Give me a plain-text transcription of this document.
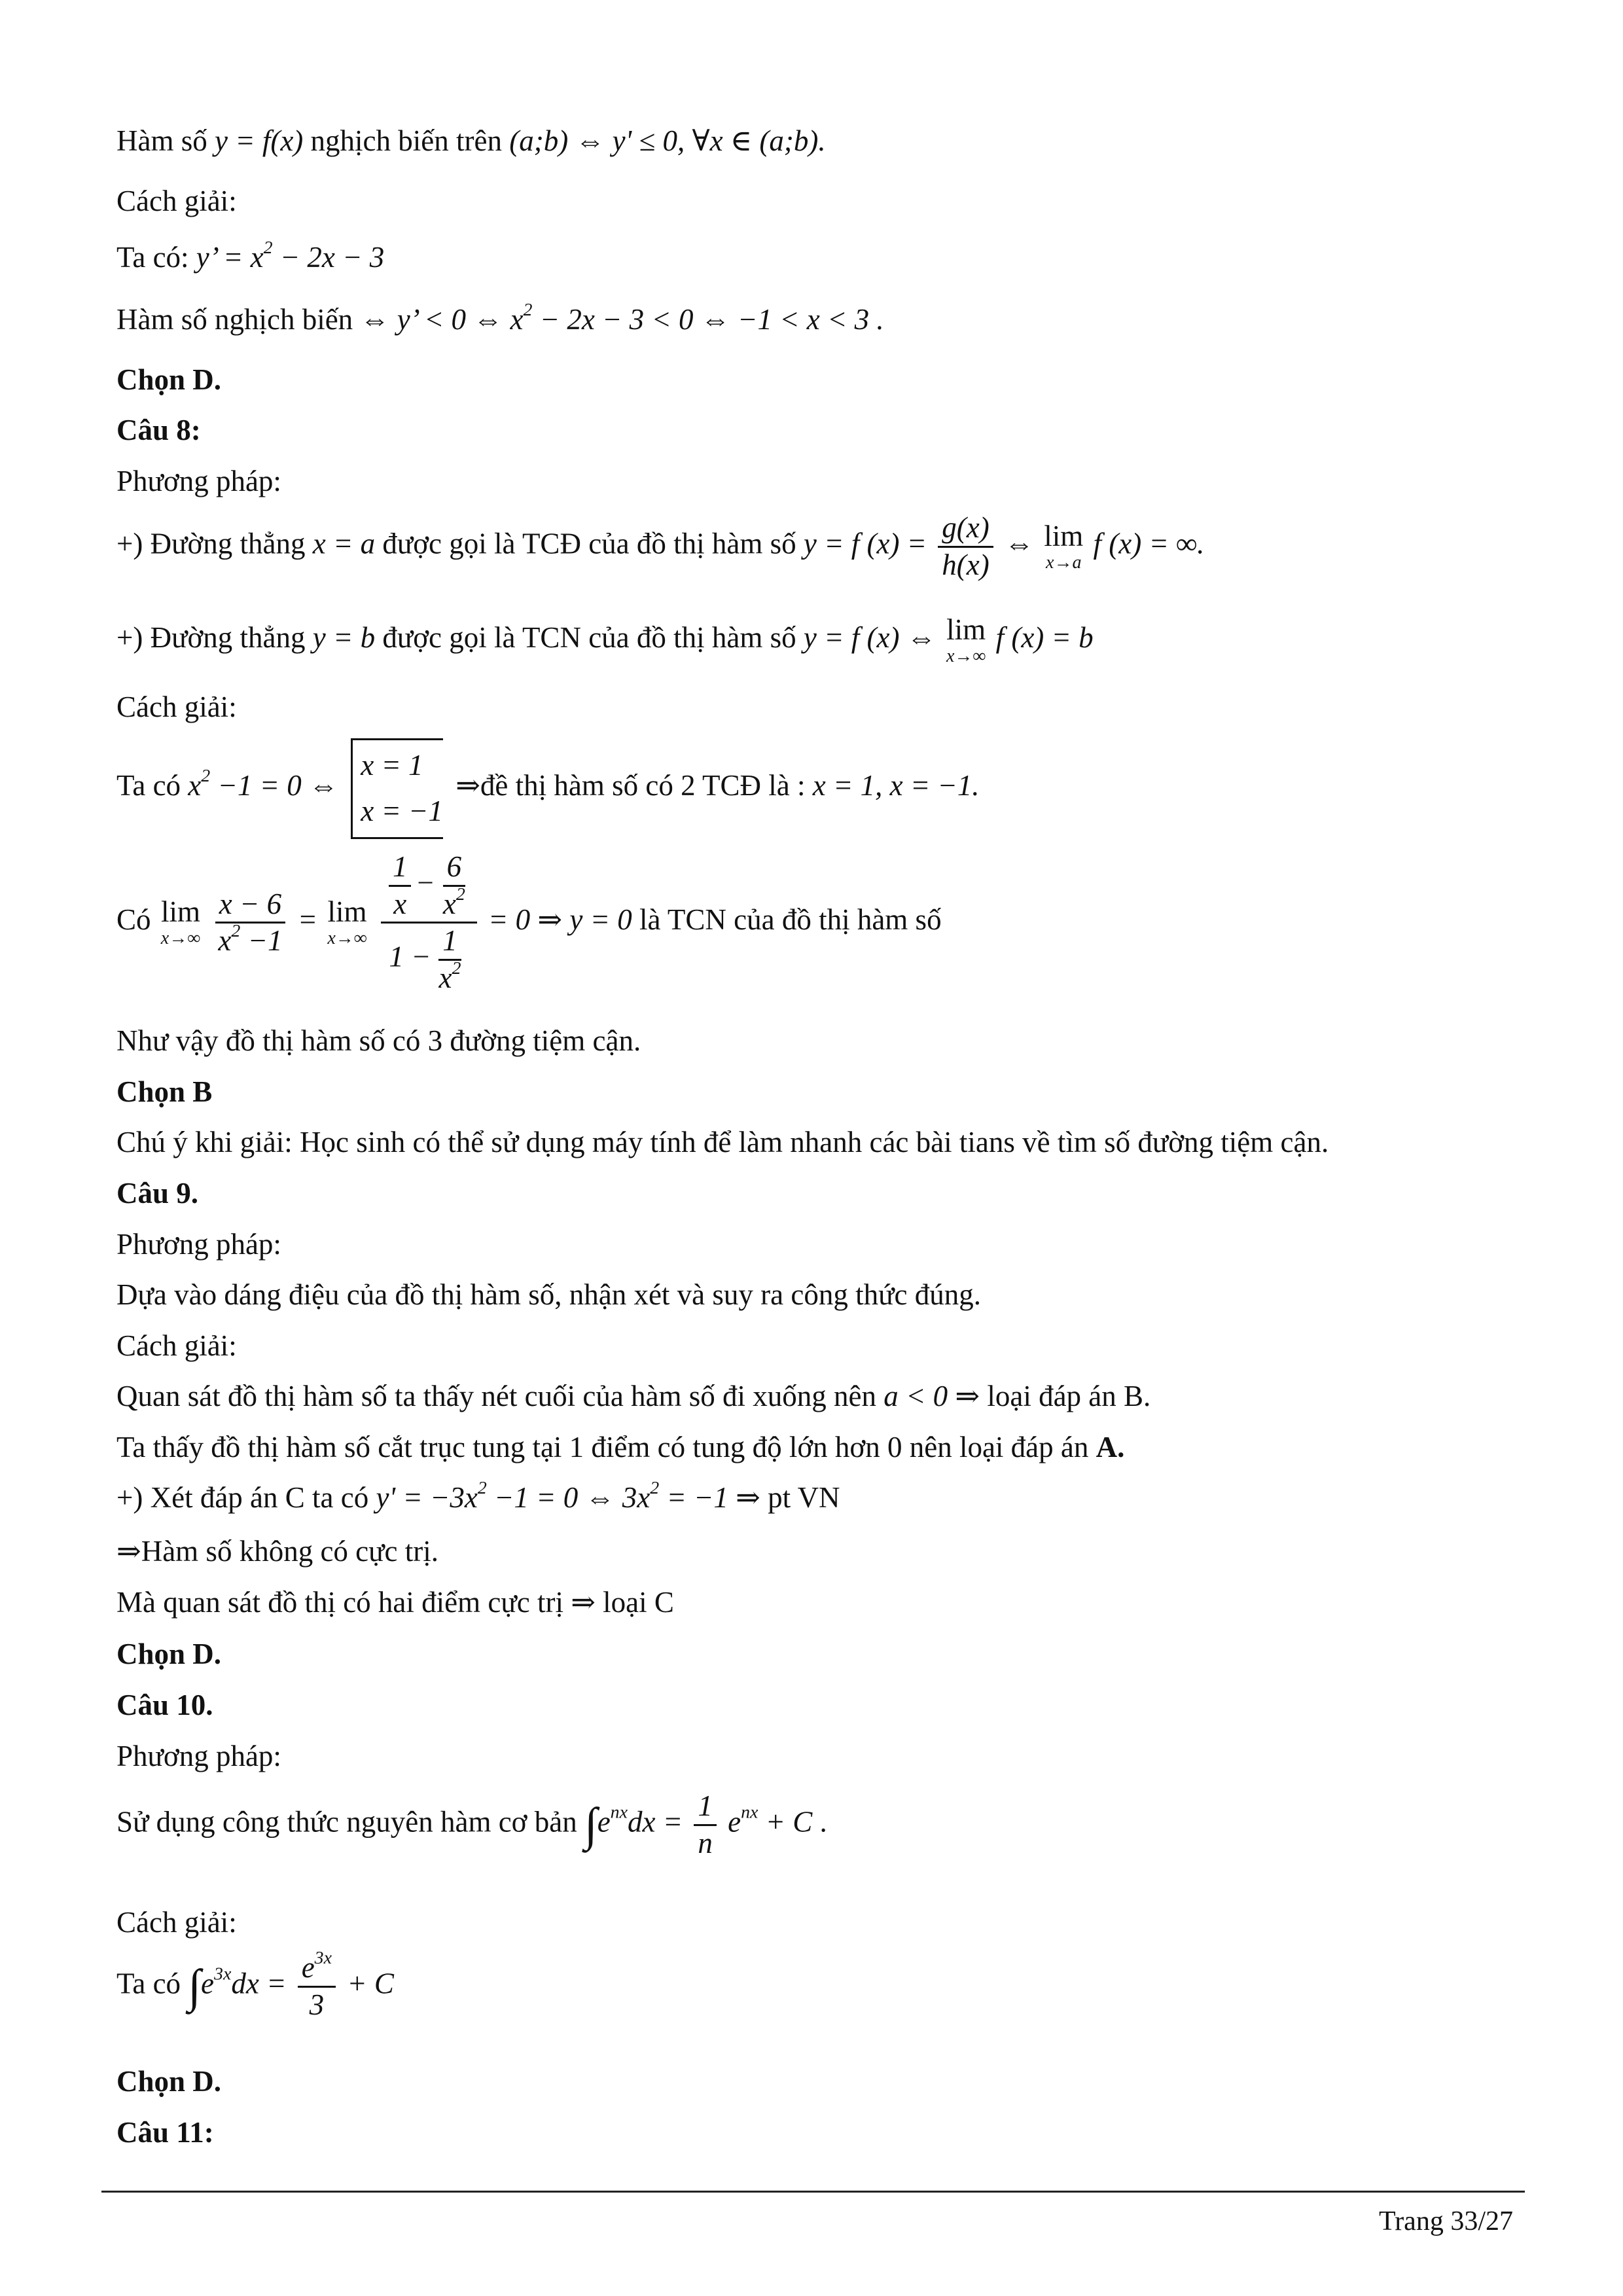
Hàm số y = f(x) nghịch biến trên (a;b) ⇔ y' ≤ 0, ∀x ∈ (a;b).
Cách giải:
Ta có: y’ = $x^2 - 2x - 3$
Hàm số nghịch biến ⇔ y’ < 0 ⇔ $x^2 - 2x - 3 < 0$ ⇔ −1 < x < 3 .
Chọn D.
Câu 8:
Phương pháp:
+) Đường thẳng x = a được gọi là TCĐ của đồ thị hàm số y = f $(x) = \frac{g(x)}{h(x)}$ ⇔ lim
x→a
f (x) = ∞.
+) Đường thẳng y = b được gọi là TCN của đồ thị hàm số y = f (x) ⇔ lim
x→∞
f (x) = b
Cách giải:
Ta có $x^2 -1 = 0$ ⇔ x = 1
x = −1 ⇒đề thị hàm số có 2 TCĐ là : x = 1, x = −1.
Có lim
x→∞
$\frac{x - 6}{x^2 -1} = \lim$
x→∞
$\frac{\frac{1}{x} - \frac{6}{x^2}}{1 - \frac{1}{x^2}} = 0$ ⇒ y = 0 là TCN của đồ thị hàm số
Như vậy đồ thị hàm số có 3 đường tiệm cận.
Chọn B
Chú ý khi giải: Học sinh có thể sử dụng máy tính để làm nhanh các bài tians về tìm số đường tiệm cận.
Câu 9.
Phương pháp:
Dựa vào dáng điệu của đồ thị hàm số, nhận xét và suy ra công thức đúng.
Cách giải:
Quan sát đồ thị hàm số ta thấy nét cuối của hàm số đi xuống nên a < 0 ⇒ loại đáp án B.
Ta thấy đồ thị hàm số cắt trục tung tại 1 điểm có tung độ lớn hơn 0 nên loại đáp án A.
+) Xét đáp án C ta có $y' = -3x^2 -1 = 0$ ⇔ $3x^2 = -1$ ⇒ pt VN
⇒Hàm số không có cực trị.
Mà quan sát đồ thị có hai điểm cực trị ⇒ loại C
Chọn D.
Câu 10.
Phương pháp:
Sử dụng công thức nguyên hàm cơ bản $\int e^{nx}dx = \frac{1}{n} e^{nx} + C$ .
Cách giải:
Ta có $\int e^{3x}dx = \frac{e^{3x}}{3} + C$
Chọn D.
Câu 11:
Trang 33/27
